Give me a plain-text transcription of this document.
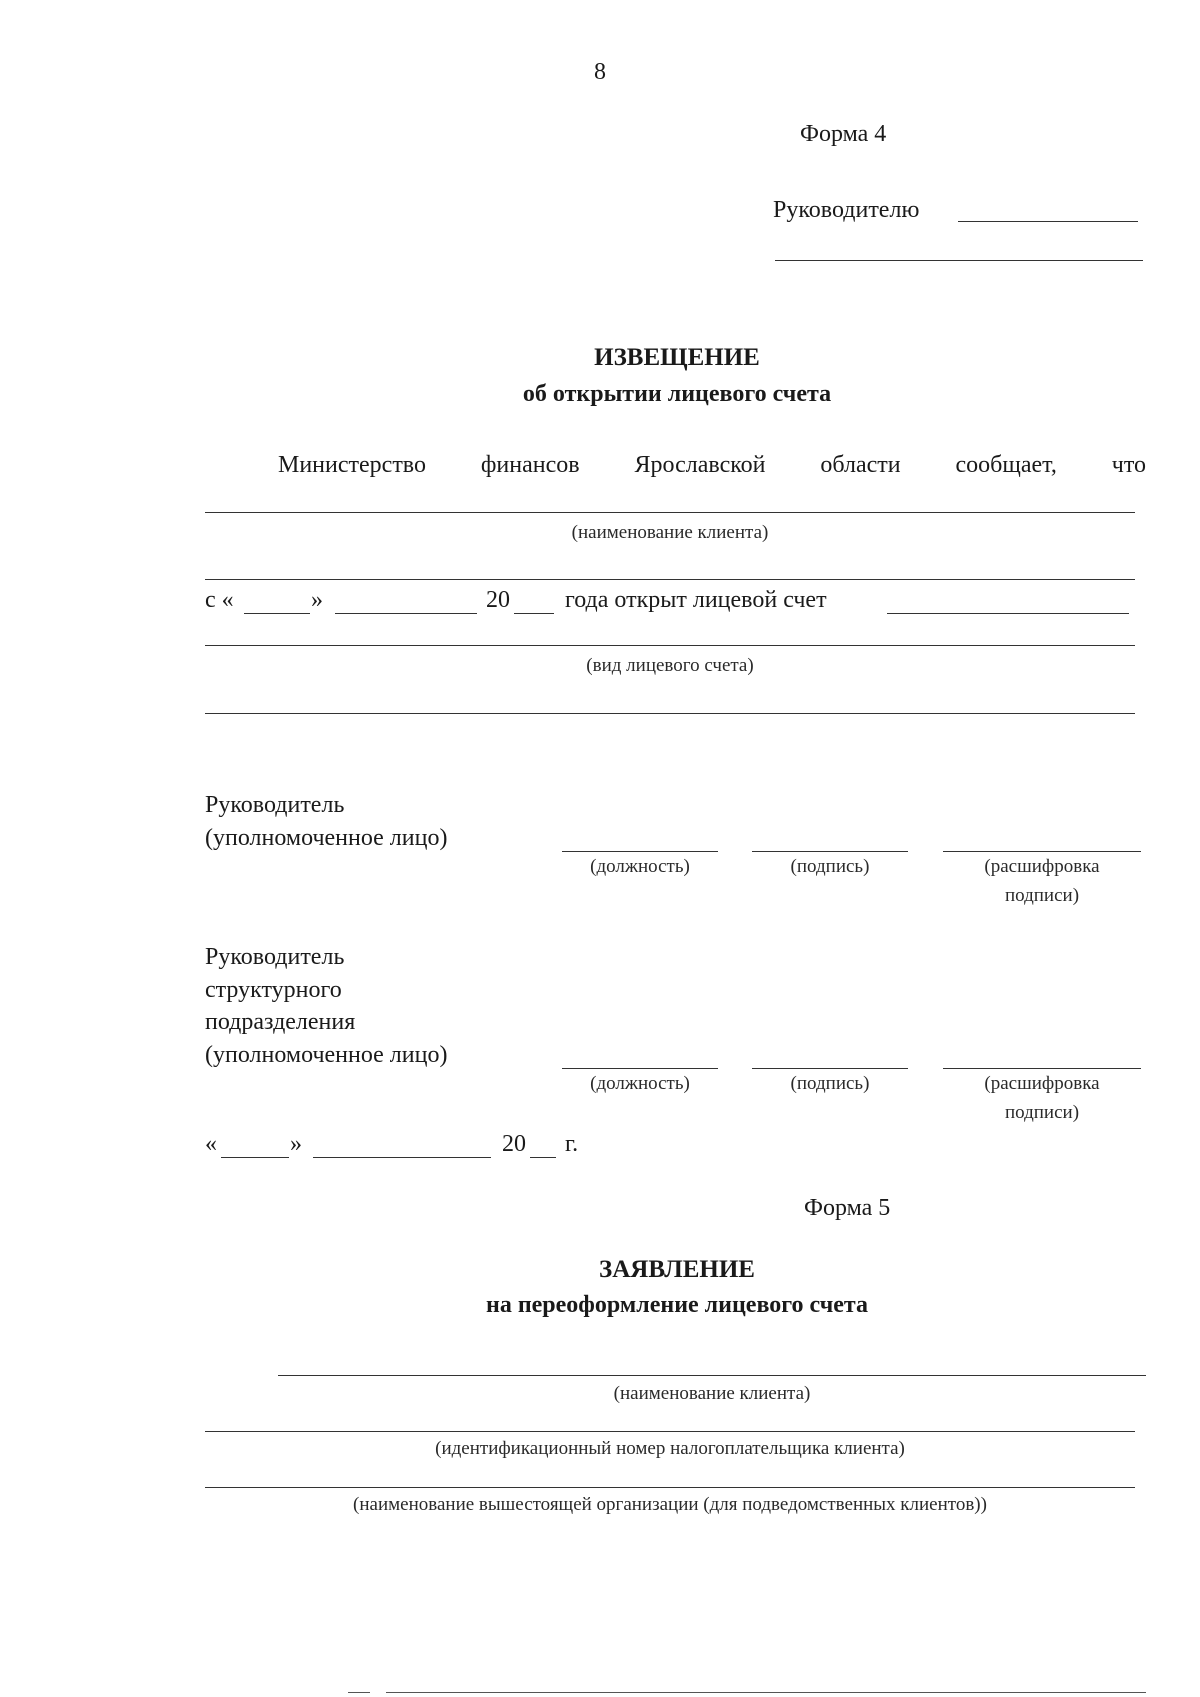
8
Форма 4
Руководителю
ИЗВЕЩЕНИЕ
об открытии лицевого счета
Министерство финансов Ярославской области сообщает, что
(наименование клиента)
с «	»	20 года открыт лицевой счет
(вид лицевого счета)
Руководитель
(уполномоченное лицо)
(должность)	(подпись)	(расшифровка
подписи)
Руководитель
структурного
подразделения
(уполномоченное лицо)
(должность)	(подпись)	(расшифровка
подписи)
«	»	20 г.
Форма 5
ЗАЯВЛЕНИЕ
на переоформление лицевого счета
(наименование клиента)
(идентификационный номер налогоплательщика клиента)
(наименование вышестоящей организации (для подведомственных клиентов))
